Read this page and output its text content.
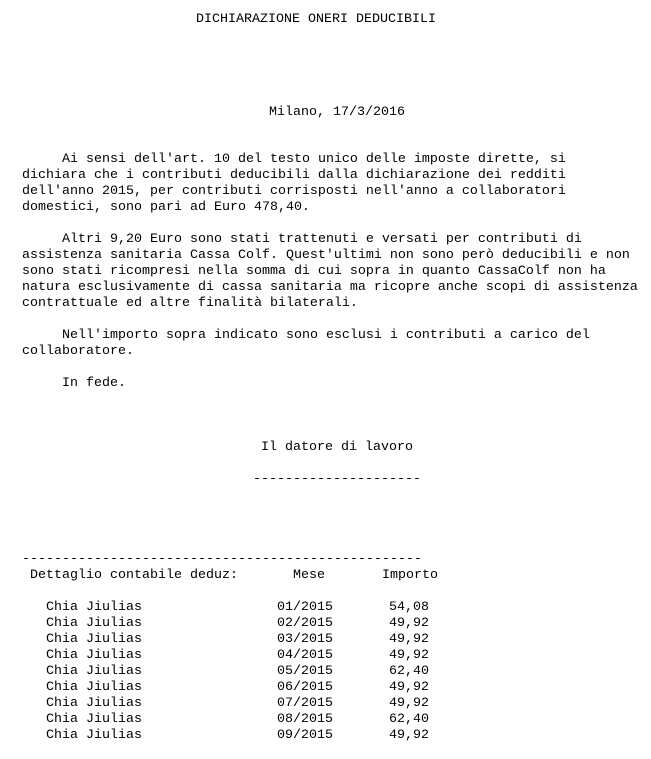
DICHIARAZIONE ONERI DEDUCIBILI
Milano, 17/3/2016
Ai sensi dell'art. 10 del testo unico delle imposte dirette, si
dichiara che i contributi deducibili dalla dichiarazione dei redditi
dell'anno 2015, per contributi corrisposti nell'anno a collaboratori
domestici, sono pari ad Euro 478,40.
Altri 9,20 Euro sono stati trattenuti e versati per contributi di
assistenza sanitaria Cassa Colf. Quest'ultimi non sono però deducibili e non
sono stati ricompresi nella somma di cui sopra in quanto CassaColf non ha
natura esclusivamente di cassa sanitaria ma ricopre anche scopi di assistenza
contrattuale ed altre finalità bilaterali.
Nell'importo sopra indicato sono esclusi i contributi a carico del
collaboratore.
In fede.
Il datore di lavoro
---------------------
--------------------------------------------------
Dettaglio contabile deduz:	Mese	Importo
Chia Jiulias	01/2015	54,08
Chia Jiulias	02/2015	49,92
Chia Jiulias	03/2015	49,92
Chia Jiulias	04/2015	49,92
Chia Jiulias	05/2015	62,40
Chia Jiulias	06/2015	49,92
Chia Jiulias	07/2015	49,92
Chia Jiulias	08/2015	62,40
Chia Jiulias	09/2015	49,92
